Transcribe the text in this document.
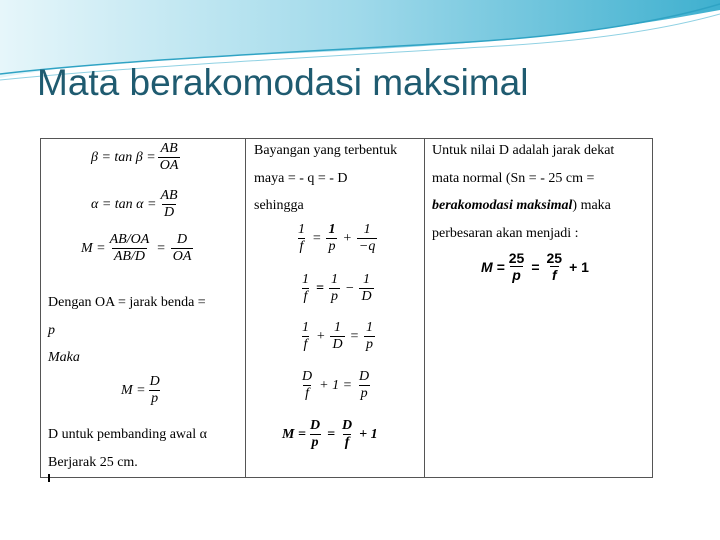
Mata berakomodasi maksimal
$\beta = \tan \beta = \frac{AB}{OA}$
$\alpha = \tan \alpha = \frac{AB}{D}$
$M = \frac{AB/OA}{AB/D} = \frac{D}{OA}$
Dengan OA = jarak benda =
p
Maka
$M = \frac{D}{p}$
D untuk pembanding awal α
Berjarak 25 cm.
Bayangan yang terbentuk
maya = - q = - D
sehingga
$\frac{1}{f} = \frac{1}{p} + \frac{1}{-q}$
$\frac{1}{f} = \frac{1}{p} - \frac{1}{D}$
$\frac{1}{f} + \frac{1}{D} = \frac{1}{p}$
$\frac{D}{f} + 1 = \frac{D}{p}$
$M = \frac{D}{p} = \frac{D}{f} + 1$
Untuk nilai D adalah jarak dekat
mata normal (Sn = - 25 cm =
berakomodasi maksimal) maka
perbesaran akan menjadi :
$M = \frac{25}{p} = \frac{25}{f} + 1$
